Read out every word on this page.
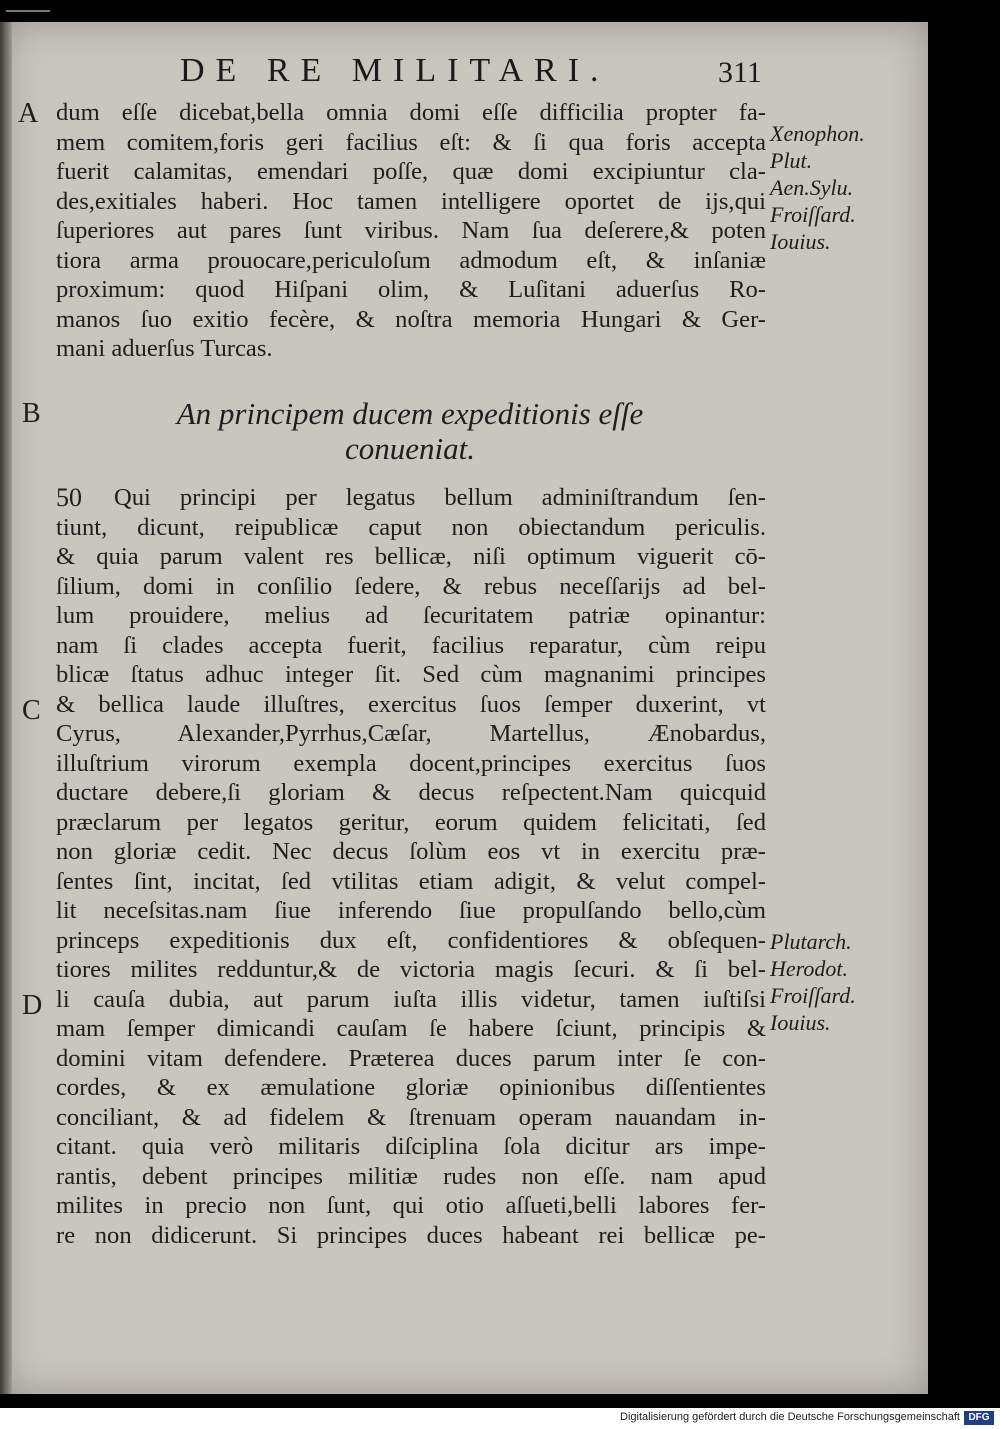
DE RE MILITARI.	311
A
B
C
D
dum eſſe dicebat,bella omnia domi eſſe difficilia propter fa-
mem comitem,foris geri facilius eſt: & ſi qua foris accepta
fuerit calamitas, emendari poſſe, quæ domi excipiuntur cla-
des,exitiales haberi. Hoc tamen intelligere oportet de ijs,qui
ſuperiores aut pares ſunt viribus. Nam ſua deſerere,& poten
tiora arma prouocare,periculoſum admodum eſt, & inſaniæ
proximum: quod Hiſpani olim, & Luſitani aduerſus Ro-
manos ſuo exitio fecère, & noſtra memoria Hungari & Ger-
mani aduerſus Turcas.
An principem ducem expeditionis eſſe
conueniat.
50	Qui principi per legatus bellum adminiſtrandum ſen-
tiunt, dicunt, reipublicæ caput non obiectandum periculis.
& quia parum valent res bellicæ, niſi optimum viguerit cō-
ſilium, domi in conſilio ſedere, & rebus neceſſarijs ad bel-
lum prouidere, melius ad ſecuritatem patriæ opinantur:
nam ſi clades accepta fuerit, facilius reparatur, cùm reipu
blicæ ſtatus adhuc integer ſit. Sed cùm magnanimi principes
& bellica laude illuſtres, exercitus ſuos ſemper duxerint, vt
Cyrus, Alexander,Pyrrhus,Cæſar, Martellus, Ænobardus,
illuſtrium virorum exempla docent,principes exercitus ſuos
ductare debere,ſi gloriam & decus reſpectent.Nam quicquid
præclarum per legatos geritur, eorum quidem felicitati, ſed
non gloriæ cedit. Nec decus ſolùm eos vt in exercitu præ-
ſentes ſint, incitat, ſed vtilitas etiam adigit, & velut compel-
lit neceſsitas.nam ſiue inferendo ſiue propulſando bello,cùm
princeps expeditionis dux eſt, confidentiores & obſequen-
tiores milites redduntur,& de victoria magis ſecuri. & ſi bel-
li cauſa dubia, aut parum iuſta illis videtur, tamen iuſtiſsi
mam ſemper dimicandi cauſam ſe habere ſciunt, principis &
domini vitam defendere. Præterea duces parum inter ſe con-
cordes, & ex æmulatione gloriæ opinionibus diſſentientes
conciliant, & ad fidelem & ſtrenuam operam nauandam in-
citant. quia verò militaris diſciplina ſola dicitur ars impe-
rantis, debent principes militiæ rudes non eſſe. nam apud
milites in precio non ſunt, qui otio aſſueti,belli labores fer-
re non didicerunt. Si principes duces habeant rei bellicæ pe-
Xenophon.
Plut.
Aen.Sylu.
Froiſſard.
Iouius.
Plutarch.
Herodot.
Froiſſard.
Iouius.
Digitalisierung gefördert durch die Deutsche Forschungsgemeinschaft DFG
